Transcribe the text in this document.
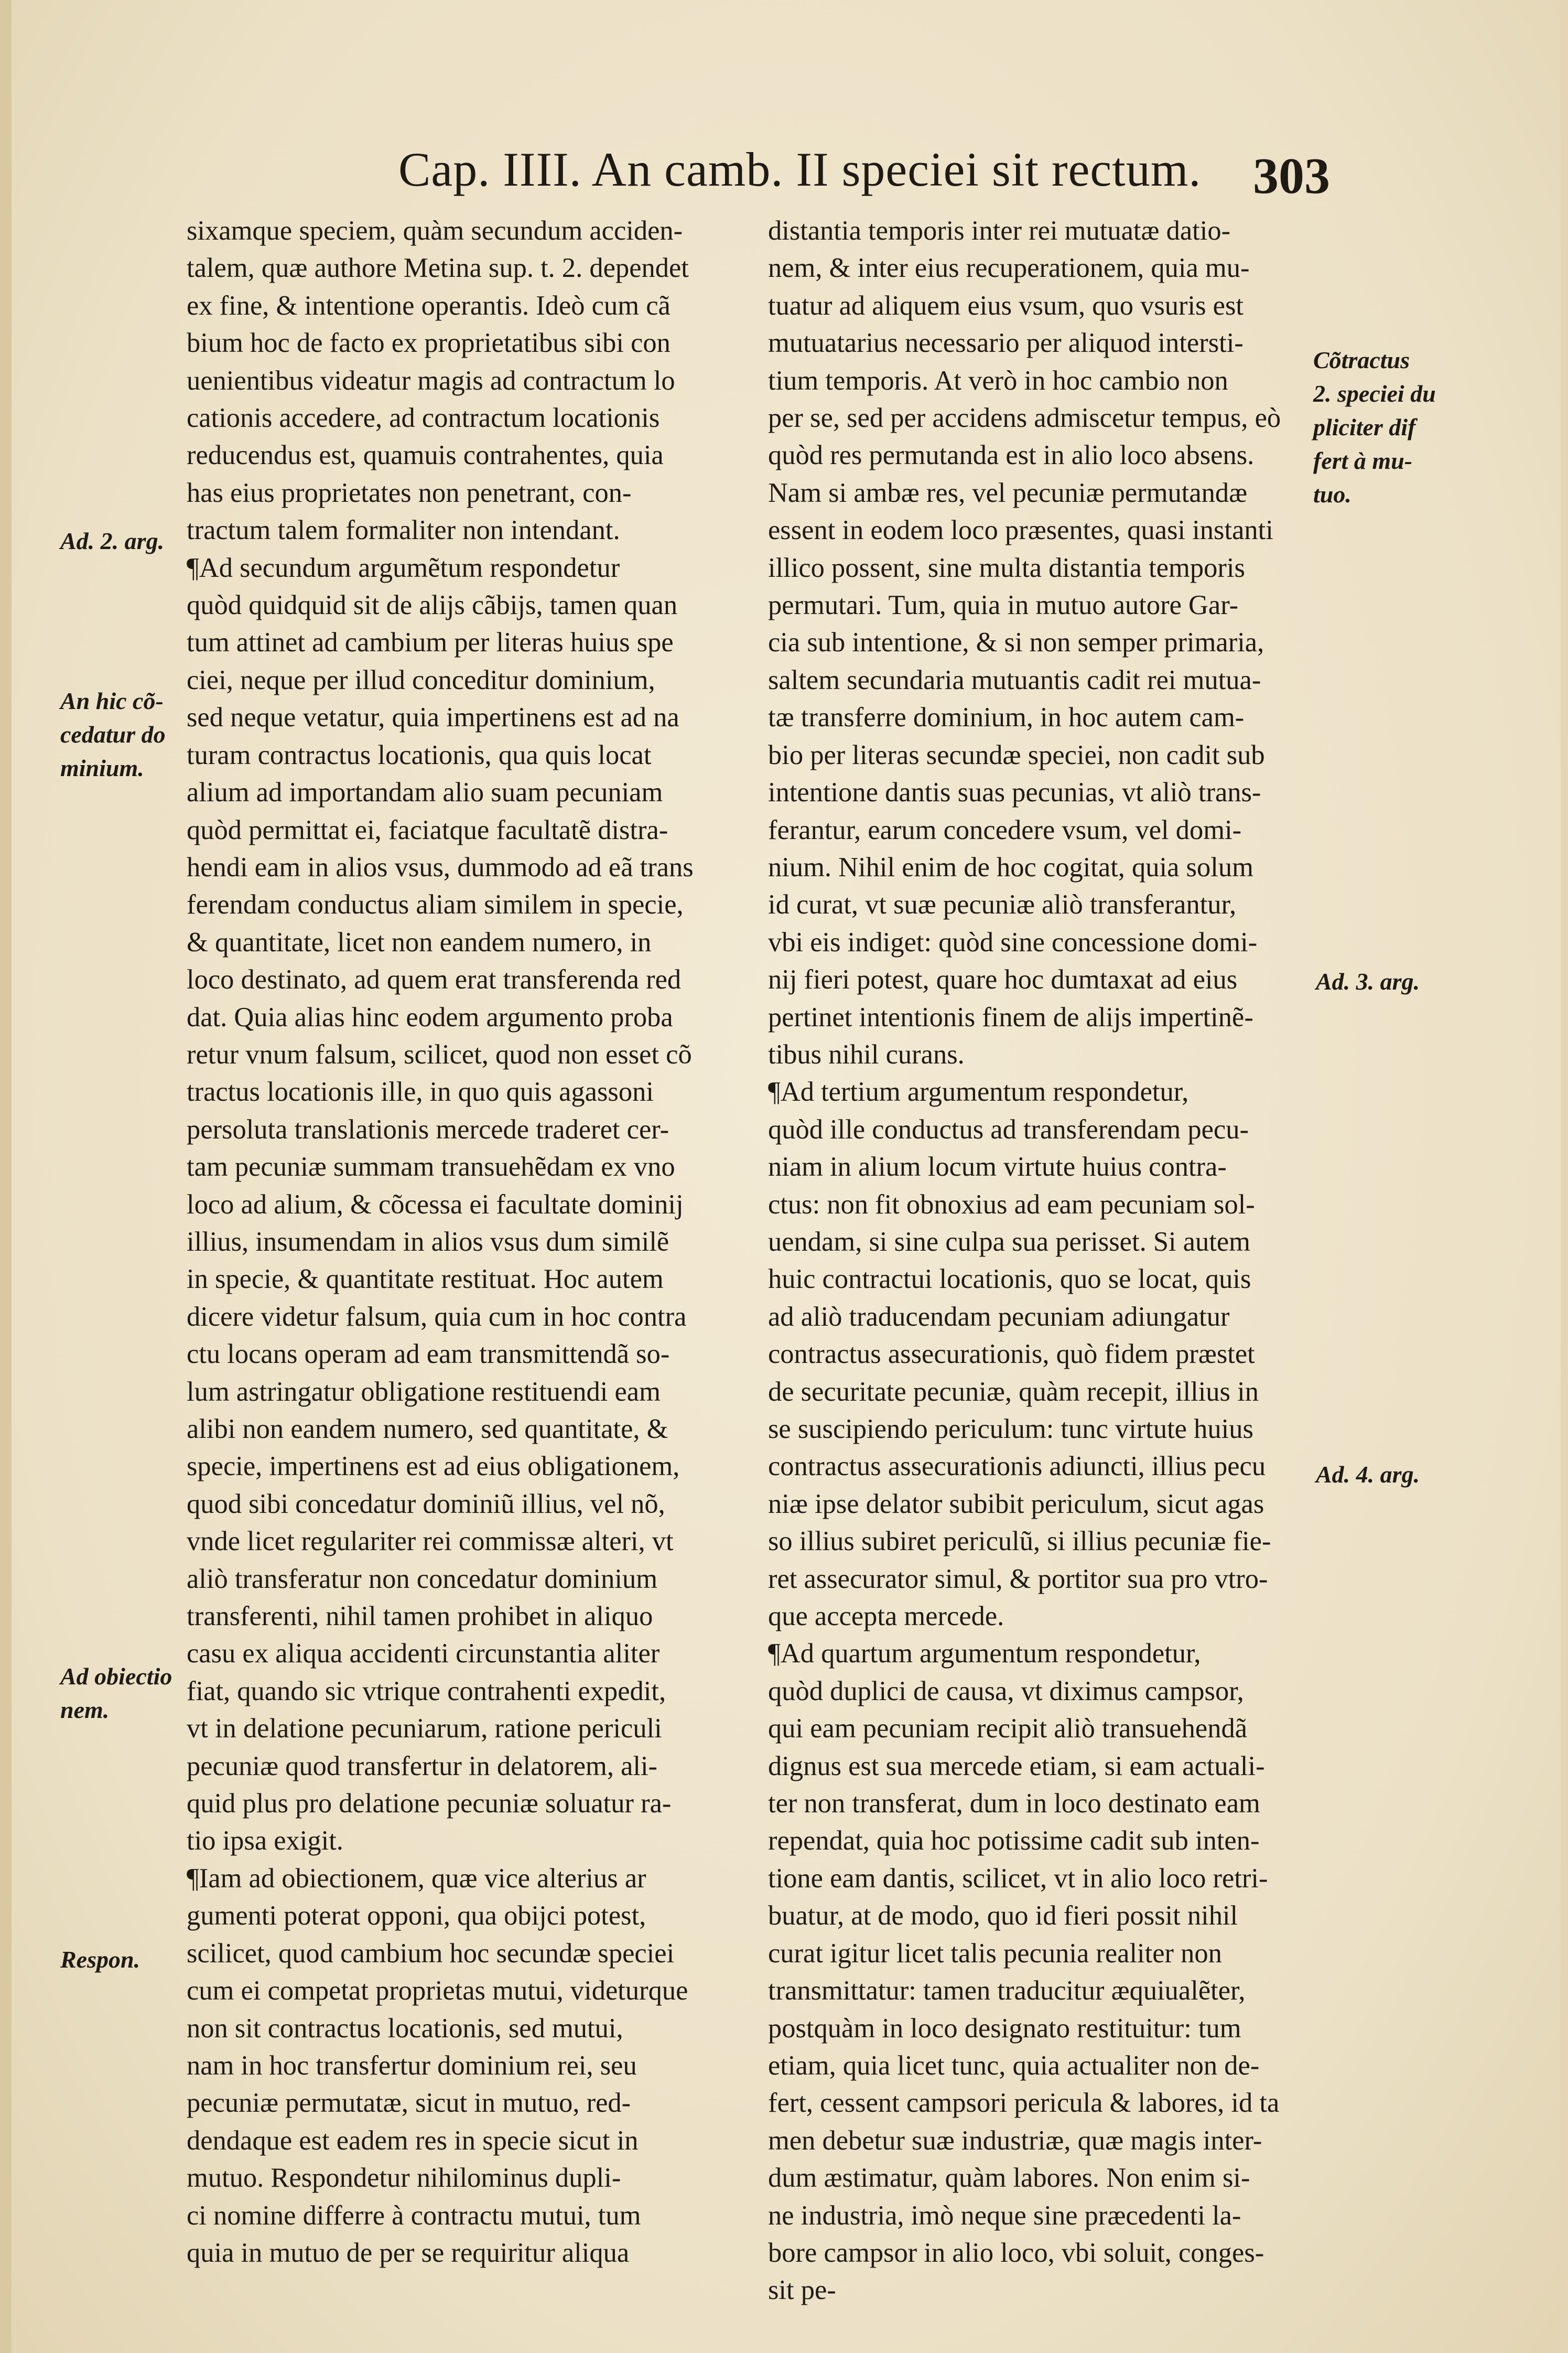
Cap. IIII. An camb. II speciei sit rectum. 303
sixamque speciem, quàm secundum acciden-
talem, quæ authore Metina sup. t. 2. dependet
ex fine, & intentione operantis. Ideò cum cã
bium hoc de facto ex proprietatibus sibi con
uenientibus videatur magis ad contractum lo
cationis accedere, ad contractum locationis
reducendus est, quamuis contrahentes, quia
has eius proprietates non penetrant, con-
tractum talem formaliter non intendant.
¶Ad secundum argumẽtum respondetur
quòd quidquid sit de alijs cãbijs, tamen quan
tum attinet ad cambium per literas huius spe
ciei, neque per illud conceditur dominium,
sed neque vetatur, quia impertinens est ad na
turam contractus locationis, qua quis locat
alium ad importandam alio suam pecuniam
quòd permittat ei, faciatque facultatẽ distra-
hendi eam in alios vsus, dummodo ad eã trans
ferendam conductus aliam similem in specie,
& quantitate, licet non eandem numero, in
loco destinato, ad quem erat transferenda red
dat. Quia alias hinc eodem argumento proba
retur vnum falsum, scilicet, quod non esset cõ
tractus locationis ille, in quo quis agassoni
persoluta translationis mercede traderet cer-
tam pecuniæ summam transuehẽdam ex vno
loco ad alium, & cõcessa ei facultate dominij
illius, insumendam in alios vsus dum similẽ
in specie, & quantitate restituat. Hoc autem
dicere videtur falsum, quia cum in hoc contra
ctu locans operam ad eam transmittendã so-
lum astringatur obligatione restituendi eam
alibi non eandem numero, sed quantitate, &
specie, impertinens est ad eius obligationem,
quod sibi concedatur dominiũ illius, vel nõ,
vnde licet regulariter rei commissæ alteri, vt
aliò transferatur non concedatur dominium
transferenti, nihil tamen prohibet in aliquo
casu ex aliqua accidenti circunstantia aliter
fiat, quando sic vtrique contrahenti expedit,
vt in delatione pecuniarum, ratione periculi
pecuniæ quod transfertur in delatorem, ali-
quid plus pro delatione pecuniæ soluatur ra-
tio ipsa exigit.
¶Iam ad obiectionem, quæ vice alterius ar
gumenti poterat opponi, qua obijci potest,
scilicet, quod cambium hoc secundæ speciei
cum ei competat proprietas mutui, videturque
non sit contractus locationis, sed mutui,
nam in hoc transfertur dominium rei, seu
pecuniæ permutatæ, sicut in mutuo, red-
dendaque est eadem res in specie sicut in
mutuo. Respondetur nihilominus dupli-
ci nomine differre à contractu mutui, tum
quia in mutuo de per se requiritur aliqua
distantia temporis inter rei mutuatæ datio-
nem, & inter eius recuperationem, quia mu-
tuatur ad aliquem eius vsum, quo vsuris est
mutuatarius necessario per aliquod intersti-
tium temporis. At verò in hoc cambio non
per se, sed per accidens admiscetur tempus, eò
quòd res permutanda est in alio loco absens.
Nam si ambæ res, vel pecuniæ permutandæ
essent in eodem loco præsentes, quasi instanti
illico possent, sine multa distantia temporis
permutari. Tum, quia in mutuo autore Gar-
cia sub intentione, & si non semper primaria,
saltem secundaria mutuantis cadit rei mutua-
tæ transferre dominium, in hoc autem cam-
bio per literas secundæ speciei, non cadit sub
intentione dantis suas pecunias, vt aliò trans-
ferantur, earum concedere vsum, vel domi-
nium. Nihil enim de hoc cogitat, quia solum
id curat, vt suæ pecuniæ aliò transferantur,
vbi eis indiget: quòd sine concessione domi-
nij fieri potest, quare hoc dumtaxat ad eius
pertinet intentionis finem de alijs impertinẽ-
tibus nihil curans.
¶Ad tertium argumentum respondetur,
quòd ille conductus ad transferendam pecu-
niam in alium locum virtute huius contra-
ctus: non fit obnoxius ad eam pecuniam sol-
uendam, si sine culpa sua perisset. Si autem
huic contractui locationis, quo se locat, quis
ad aliò traducendam pecuniam adiungatur
contractus assecurationis, quò fidem præstet
de securitate pecuniæ, quàm recepit, illius in
se suscipiendo periculum: tunc virtute huius
contractus assecurationis adiuncti, illius pecu
niæ ipse delator subibit periculum, sicut agas
so illius subiret periculũ, si illius pecuniæ fie-
ret assecurator simul, & portitor sua pro vtro-
que accepta mercede.
¶Ad quartum argumentum respondetur,
quòd duplici de causa, vt diximus campsor,
qui eam pecuniam recipit aliò transuehendã
dignus est sua mercede etiam, si eam actuali-
ter non transferat, dum in loco destinato eam
rependat, quia hoc potissime cadit sub inten-
tione eam dantis, scilicet, vt in alio loco retri-
buatur, at de modo, quo id fieri possit nihil
curat igitur licet talis pecunia realiter non
transmittatur: tamen traducitur æquiualẽter,
postquàm in loco designato restituitur: tum
etiam, quia licet tunc, quia actualiter non de-
fert, cessent campsori pericula & labores, id ta
men debetur suæ industriæ, quæ magis inter-
dum æstimatur, quàm labores. Non enim si-
ne industria, imò neque sine præcedenti la-
bore campsor in alio loco, vbi soluit, conges-
sit pe-
Ad. 2. arg.
An hic cõ-
cedatur do
minium.
Ad obiectio
nem.
Respon.
Cõtractus
2. speciei du
pliciter dif
fert à mu-
tuo.
Ad. 3. arg.
Ad. 4. arg.
